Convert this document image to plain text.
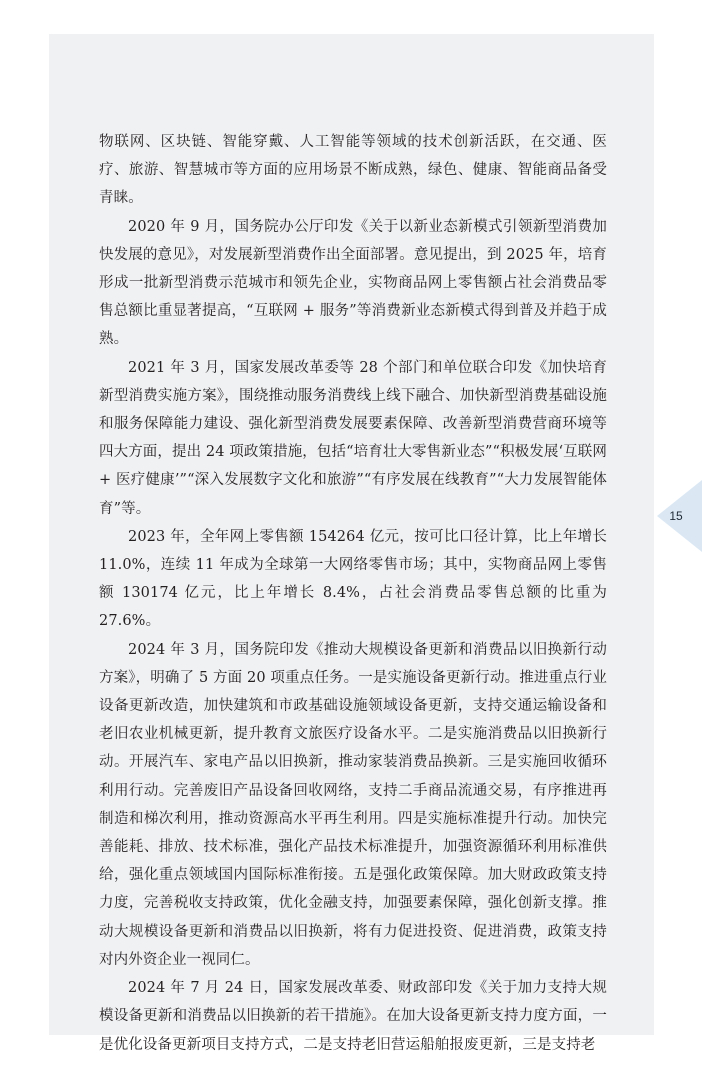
物联网、区块链、智能穿戴、人工智能等领域的技术创新活跃，在交通、医疗、旅游、智慧城市等方面的应用场景不断成熟，绿色、健康、智能商品备受青睐。

2020 年 9 月，国务院办公厅印发《关于以新业态新模式引领新型消费加快发展的意见》，对发展新型消费作出全面部署。意见提出，到 2025 年，培育形成一批新型消费示范城市和领先企业，实物商品网上零售额占社会消费品零售总额比重显著提高，“互联网 + 服务”等消费新业态新模式得到普及并趋于成熟。

2021 年 3 月，国家发展改革委等 28 个部门和单位联合印发《加快培育新型消费实施方案》，围绕推动服务消费线上线下融合、加快新型消费基础设施和服务保障能力建设、强化新型消费发展要素保障、改善新型消费营商环境等四大方面，提出 24 项政策措施，包括“培育壮大零售新业态”“积极发展‘互联网 + 医疗健康’”“深入发展数字文化和旅游”“有序发展在线教育”“大力发展智能体育”等。

2023 年，全年网上零售额 154264 亿元，按可比口径计算，比上年增长 11.0%，连续 11 年成为全球第一大网络零售市场；其中，实物商品网上零售额 130174 亿元，比上年增长 8.4%，占社会消费品零售总额的比重为 27.6%。

2024 年 3 月，国务院印发《推动大规模设备更新和消费品以旧换新行动方案》，明确了 5 方面 20 项重点任务。一是实施设备更新行动。推进重点行业设备更新改造，加快建筑和市政基础设施领域设备更新，支持交通运输设备和老旧农业机械更新，提升教育文旅医疗设备水平。二是实施消费品以旧换新行动。开展汽车、家电产品以旧换新，推动家装消费品换新。三是实施回收循环利用行动。完善废旧产品设备回收网络，支持二手商品流通交易，有序推进再制造和梯次利用，推动资源高水平再生利用。四是实施标准提升行动。加快完善能耗、排放、技术标准，强化产品技术标准提升，加强资源循环利用标准供给，强化重点领域国内国际标准衔接。五是强化政策保障。加大财政政策支持力度，完善税收支持政策，优化金融支持，加强要素保障，强化创新支撑。推动大规模设备更新和消费品以旧换新，将有力促进投资、促进消费，政策支持对内外资企业一视同仁。

2024 年 7 月 24 日，国家发展改革委、财政部印发《关于加力支持大规模设备更新和消费品以旧换新的若干措施》。在加大设备更新支持力度方面，一是优化设备更新项目支持方式，二是支持老旧营运船舶报废更新，三是支持老

15
